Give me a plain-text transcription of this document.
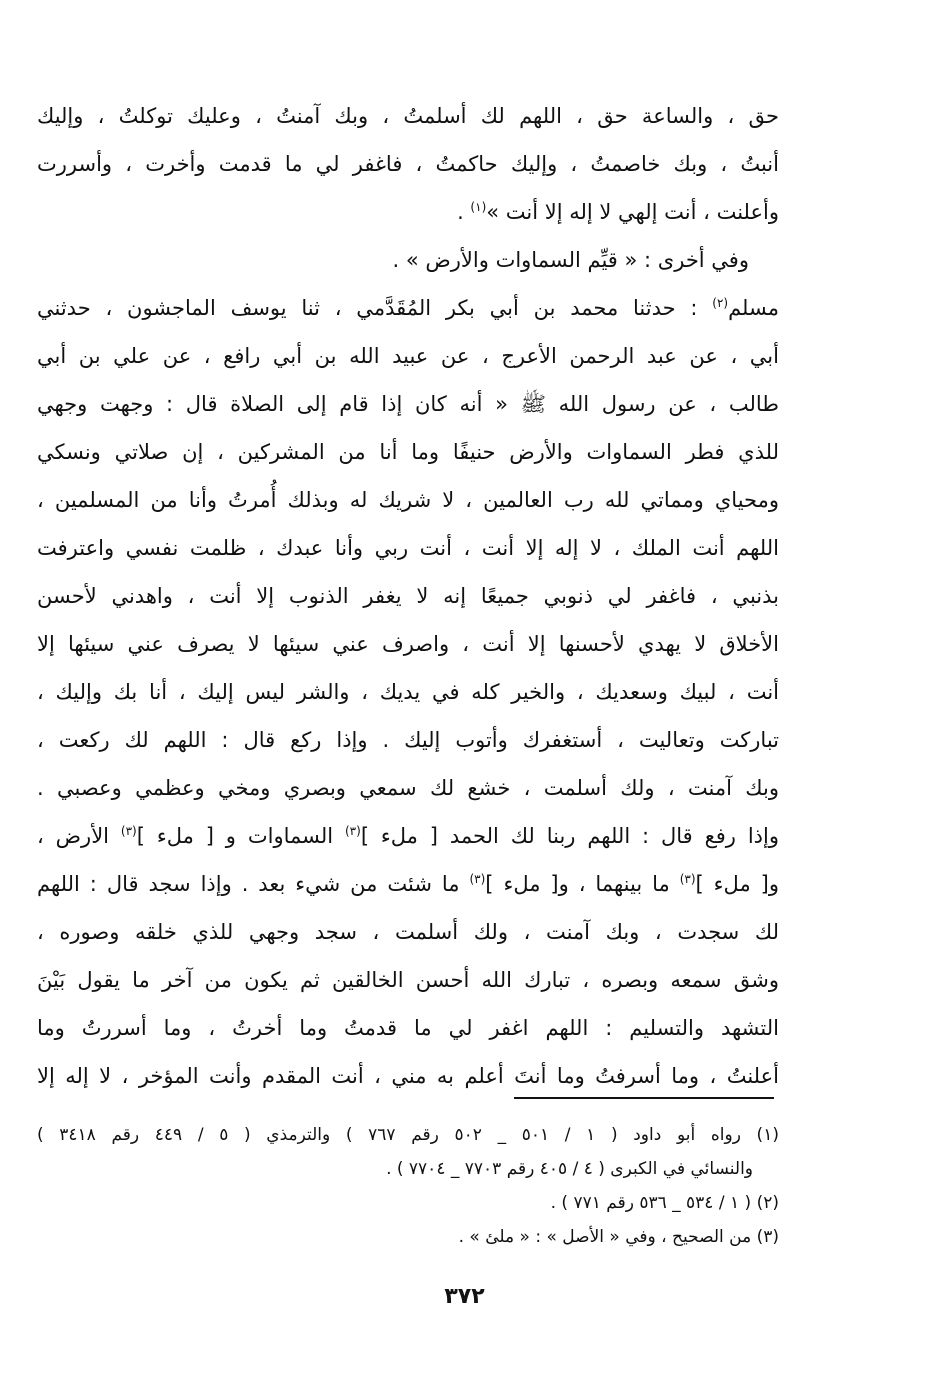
حق ، والساعة حق ، اللهم لك أسلمتُ ، وبك آمنتُ ، وعليك توكلتُ ، وإليك
أنبتُ ، وبك خاصمتُ ، وإليك حاكمتُ ، فاغفر لي ما قدمت وأخرت ، وأسررت
وأعلنت ، أنت إلهي لا إله إلا أنت »$^{(١)}$ .
وفي أخرى : « قيِّم السماوات والأرض » .
مسلم$^{(٢)}$ : حدثنا محمد بن أبي بكر المُقَدَّمي ، ثنا يوسف الماجشون ، حدثني
أبي ، عن عبد الرحمن الأعرج ، عن عبيد الله بن أبي رافع ، عن علي بن أبي
طالب ، عن رسول الله ﷺ « أنه كان إذا قام إلى الصلاة قال : وجهت وجهي
للذي فطر السماوات والأرض حنيفًا وما أنا من المشركين ، إن صلاتي ونسكي
ومحياي ومماتي لله رب العالمين ، لا شريك له وبذلك أُمرتُ وأنا من المسلمين ،
اللهم أنت الملك ، لا إله إلا أنت ، أنت ربي وأنا عبدك ، ظلمت نفسي واعترفت
بذنبي ، فاغفر لي ذنوبي جميعًا إنه لا يغفر الذنوب إلا أنت ، واهدني لأحسن
الأخلاق لا يهدي لأحسنها إلا أنت ، واصرف عني سيئها لا يصرف عني سيئها إلا
أنت ، لبيك وسعديك ، والخير كله في يديك ، والشر ليس إليك ، أنا بك وإليك ،
تباركت وتعاليت ، أستغفرك وأتوب إليك . وإذا ركع قال : اللهم لك ركعت ،
وبك آمنت ، ولك أسلمت ، خشع لك سمعي وبصري ومخي وعظمي وعصبي .
وإذا رفع قال : اللهم ربنا لك الحمد [ ملء ]$^{(٣)}$ السماوات و [ ملء ]$^{(٣)}$ الأرض ،
و[ ملء ]$^{(٣)}$ ما بينهما ، و[ ملء ]$^{(٣)}$ ما شئت من شيء بعد . وإذا سجد قال : اللهم
لك سجدت ، وبك آمنت ، ولك أسلمت ، سجد وجهي للذي خلقه وصوره ،
وشق سمعه وبصره ، تبارك الله أحسن الخالقين ثم يكون من آخر ما يقول بَيْنَ
التشهد والتسليم : اللهم اغفر لي ما قدمتُ وما أخرتُ ، وما أسررتُ وما
أعلنتُ ، وما أسرفتُ وما أنتَ أعلم به مني ، أنت المقدم وأنت المؤخر ، لا إله إلا
(١) رواه أبو داود ( ١ / ٥٠١ _ ٥٠٢ رقم ٧٦٧ ) والترمذي ( ٥ / ٤٤٩ رقم ٣٤١٨ )
والنسائي في الكبرى ( ٤ / ٤٠٥ رقم ٧٧٠٣ _ ٧٧٠٤ ) .
(٢) ( ١ / ٥٣٤ _ ٥٣٦ رقم ٧٧١ ) .
(٣) من الصحيح ، وفي « الأصل » : « ملئ » .
٣٧٢
